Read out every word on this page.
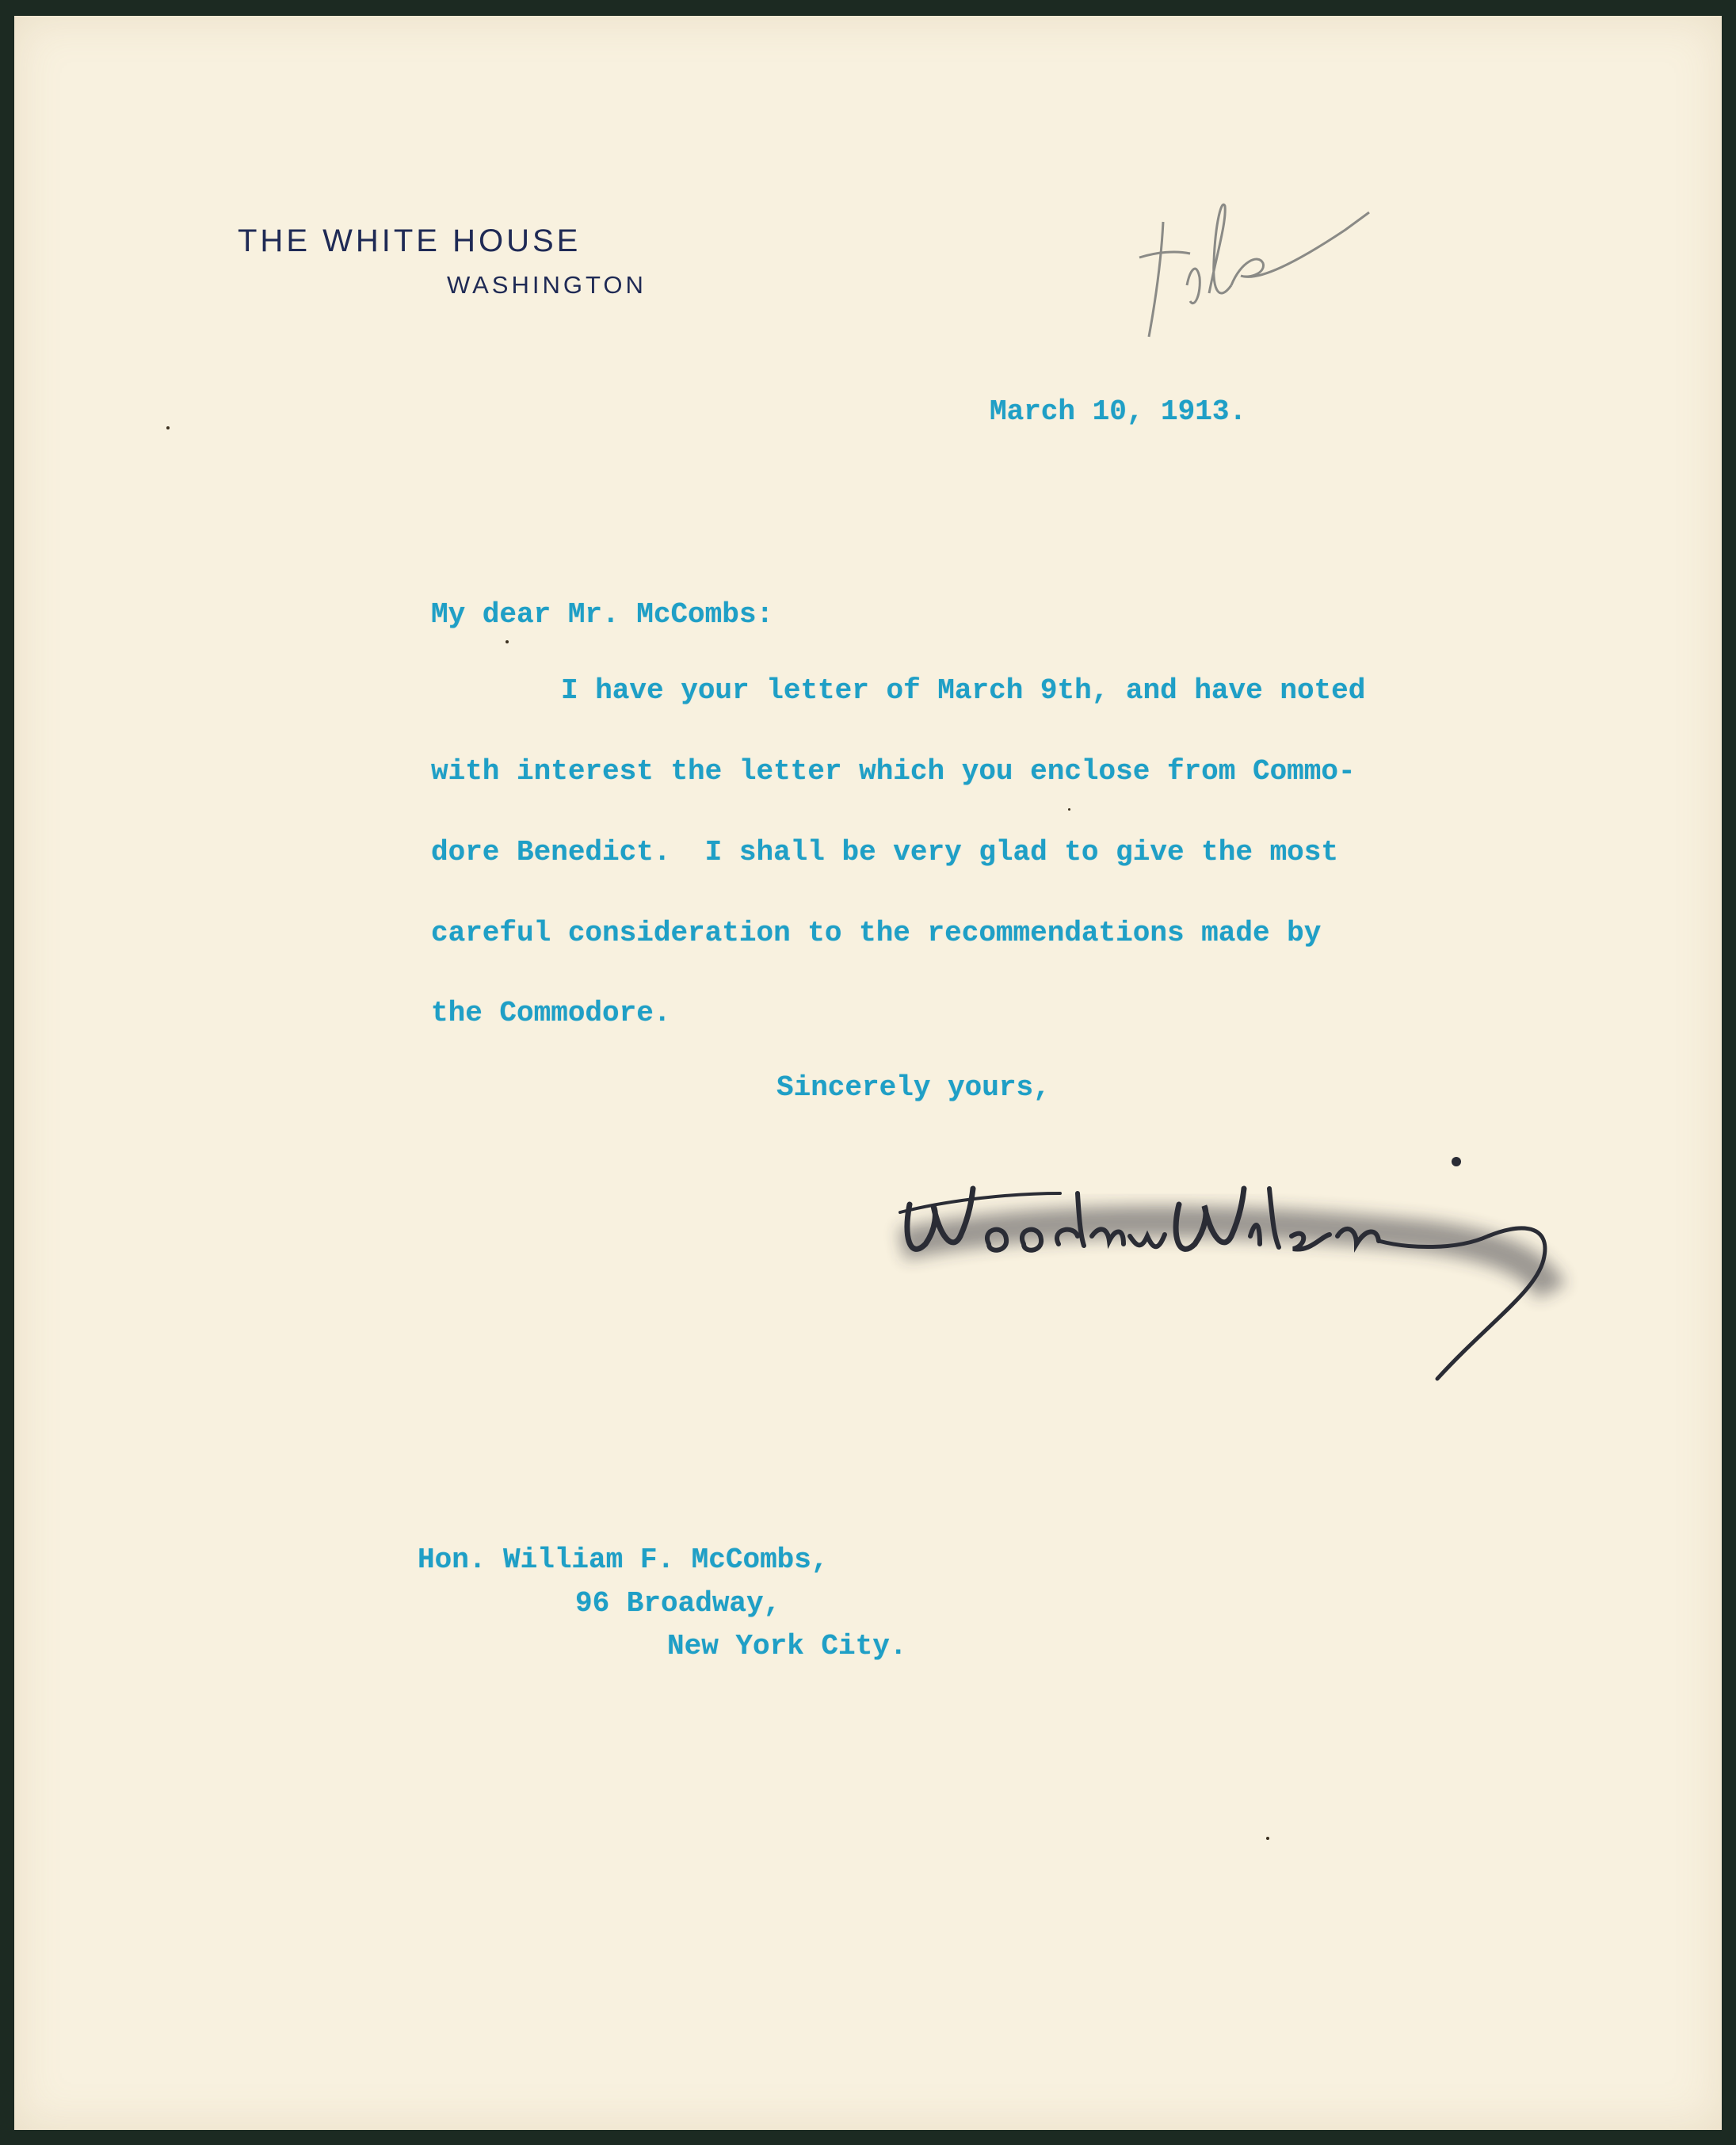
THE WHITE HOUSE
WASHINGTON
March 10, 1913.
My dear Mr. McCombs:
I have your letter of March 9th, and have noted
with interest the letter which you enclose from Commo-
dore Benedict.  I shall be very glad to give the most
careful consideration to the recommendations made by
the Commodore.
Sincerely yours,
Hon. William F. McCombs,
96 Broadway,
New York City.
